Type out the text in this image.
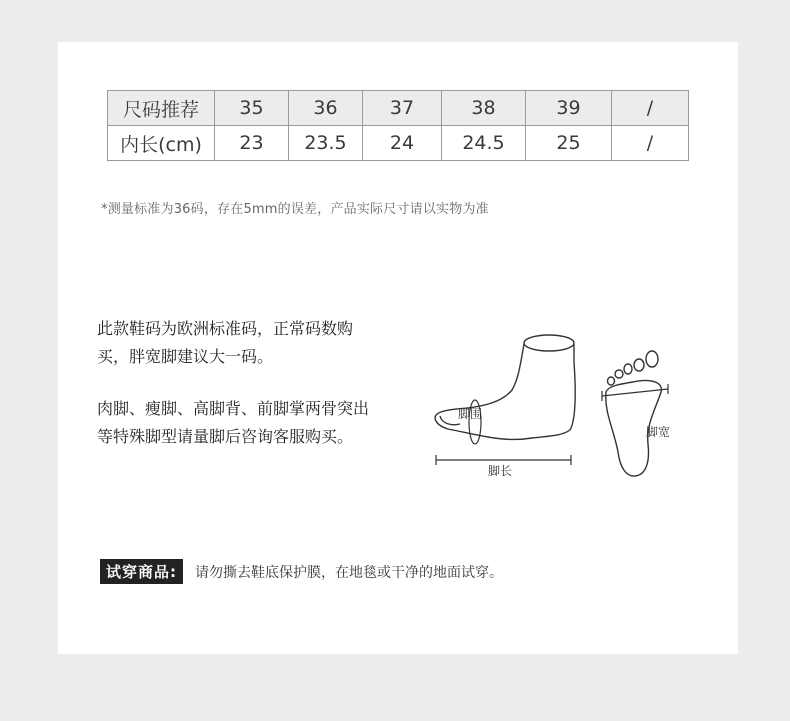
尺码推荐	35	36	37	38	39	/
内长(cm)	23	23.5	24	24.5	25	/
*测量标准为36码，存在5mm的误差，产品实际尺寸请以实物为准
此款鞋码为欧洲标准码，正常码数购买，胖宽脚建议大一码。
肉脚、瘦脚、高脚背、前脚掌两骨突出等特殊脚型请量脚后咨询客服购买。
脚围
脚长
脚宽
试穿商品:	请勿撕去鞋底保护膜，在地毯或干净的地面试穿。
